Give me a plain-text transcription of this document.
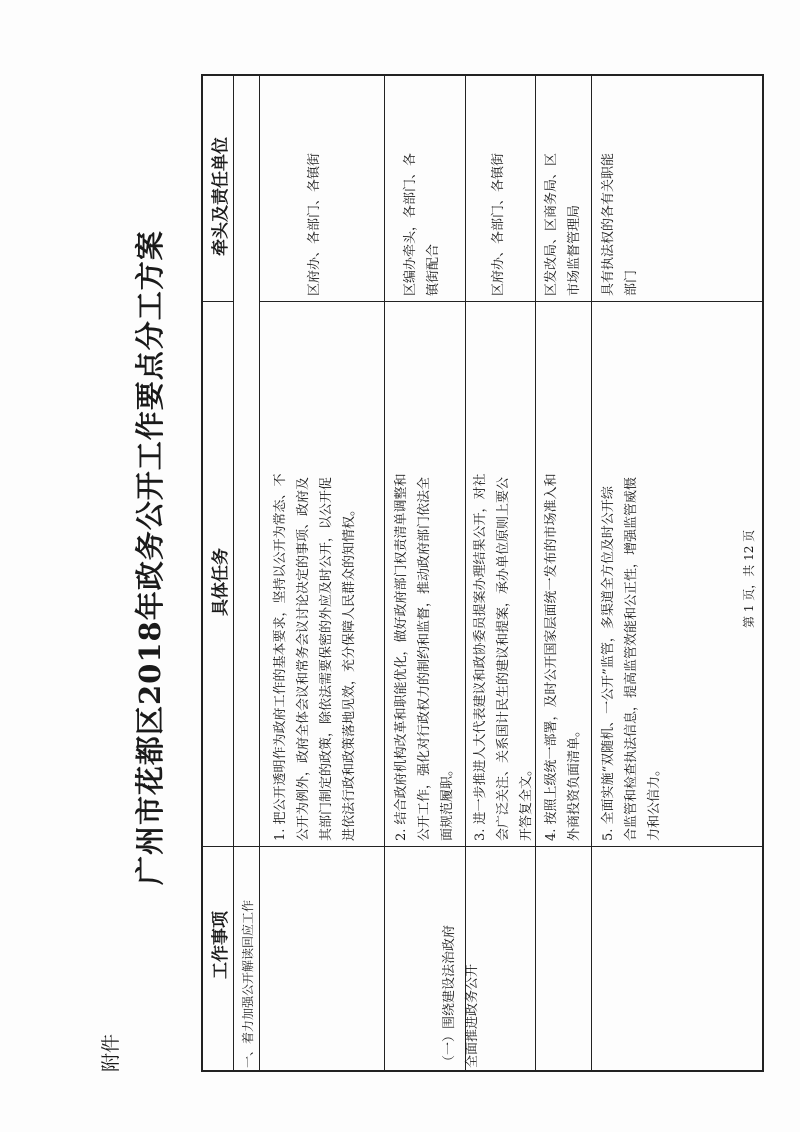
附件
广州市花都区2018年政务公开工作要点分工方案
工作事项
具体任务
牵头及责任单位
一、着力加强公开解读回应工作	（一）围绕建设法治政府 全面推进政务公开
1. 把公开透明作为政府工作的基本要求，坚持以公开为常态、不 公开为例外，政府全体会议和常务会议讨论决定的事项、政府及 其部门制定的政策，除依法需要保密的外应及时公开，以公开促 进依法行政和政策落地见效，充分保障人民群众的知情权。
区府办、各部门、各镇街
2. 结合政府机构改革和职能优化，做好政府部门权责清单调整和 公开工作，强化对行政权力的制约和监督，推动政府部门依法全 面规范履职。
区编办牵头，各部门、各 镇街配合
3. 进一步推进人大代表建议和政协委员提案办理结果公开，对社 会广泛关注、关系国计民生的建议和提案，承办单位原则上要公 开答复全文。
区府办、各部门、各镇街
4. 按照上级统一部署，及时公开国家层面统一发布的市场准入和 外商投资负面清单。
区发改局、区商务局、区 市场监督管理局
5. 全面实施“双随机、一公开”监管，多渠道全方位及时公开综 合监管和检查执法信息，提高监管效能和公正性，增强监管威慑 力和公信力。
具有执法权的各有关职能 部门
第 1 页，共 12 页
